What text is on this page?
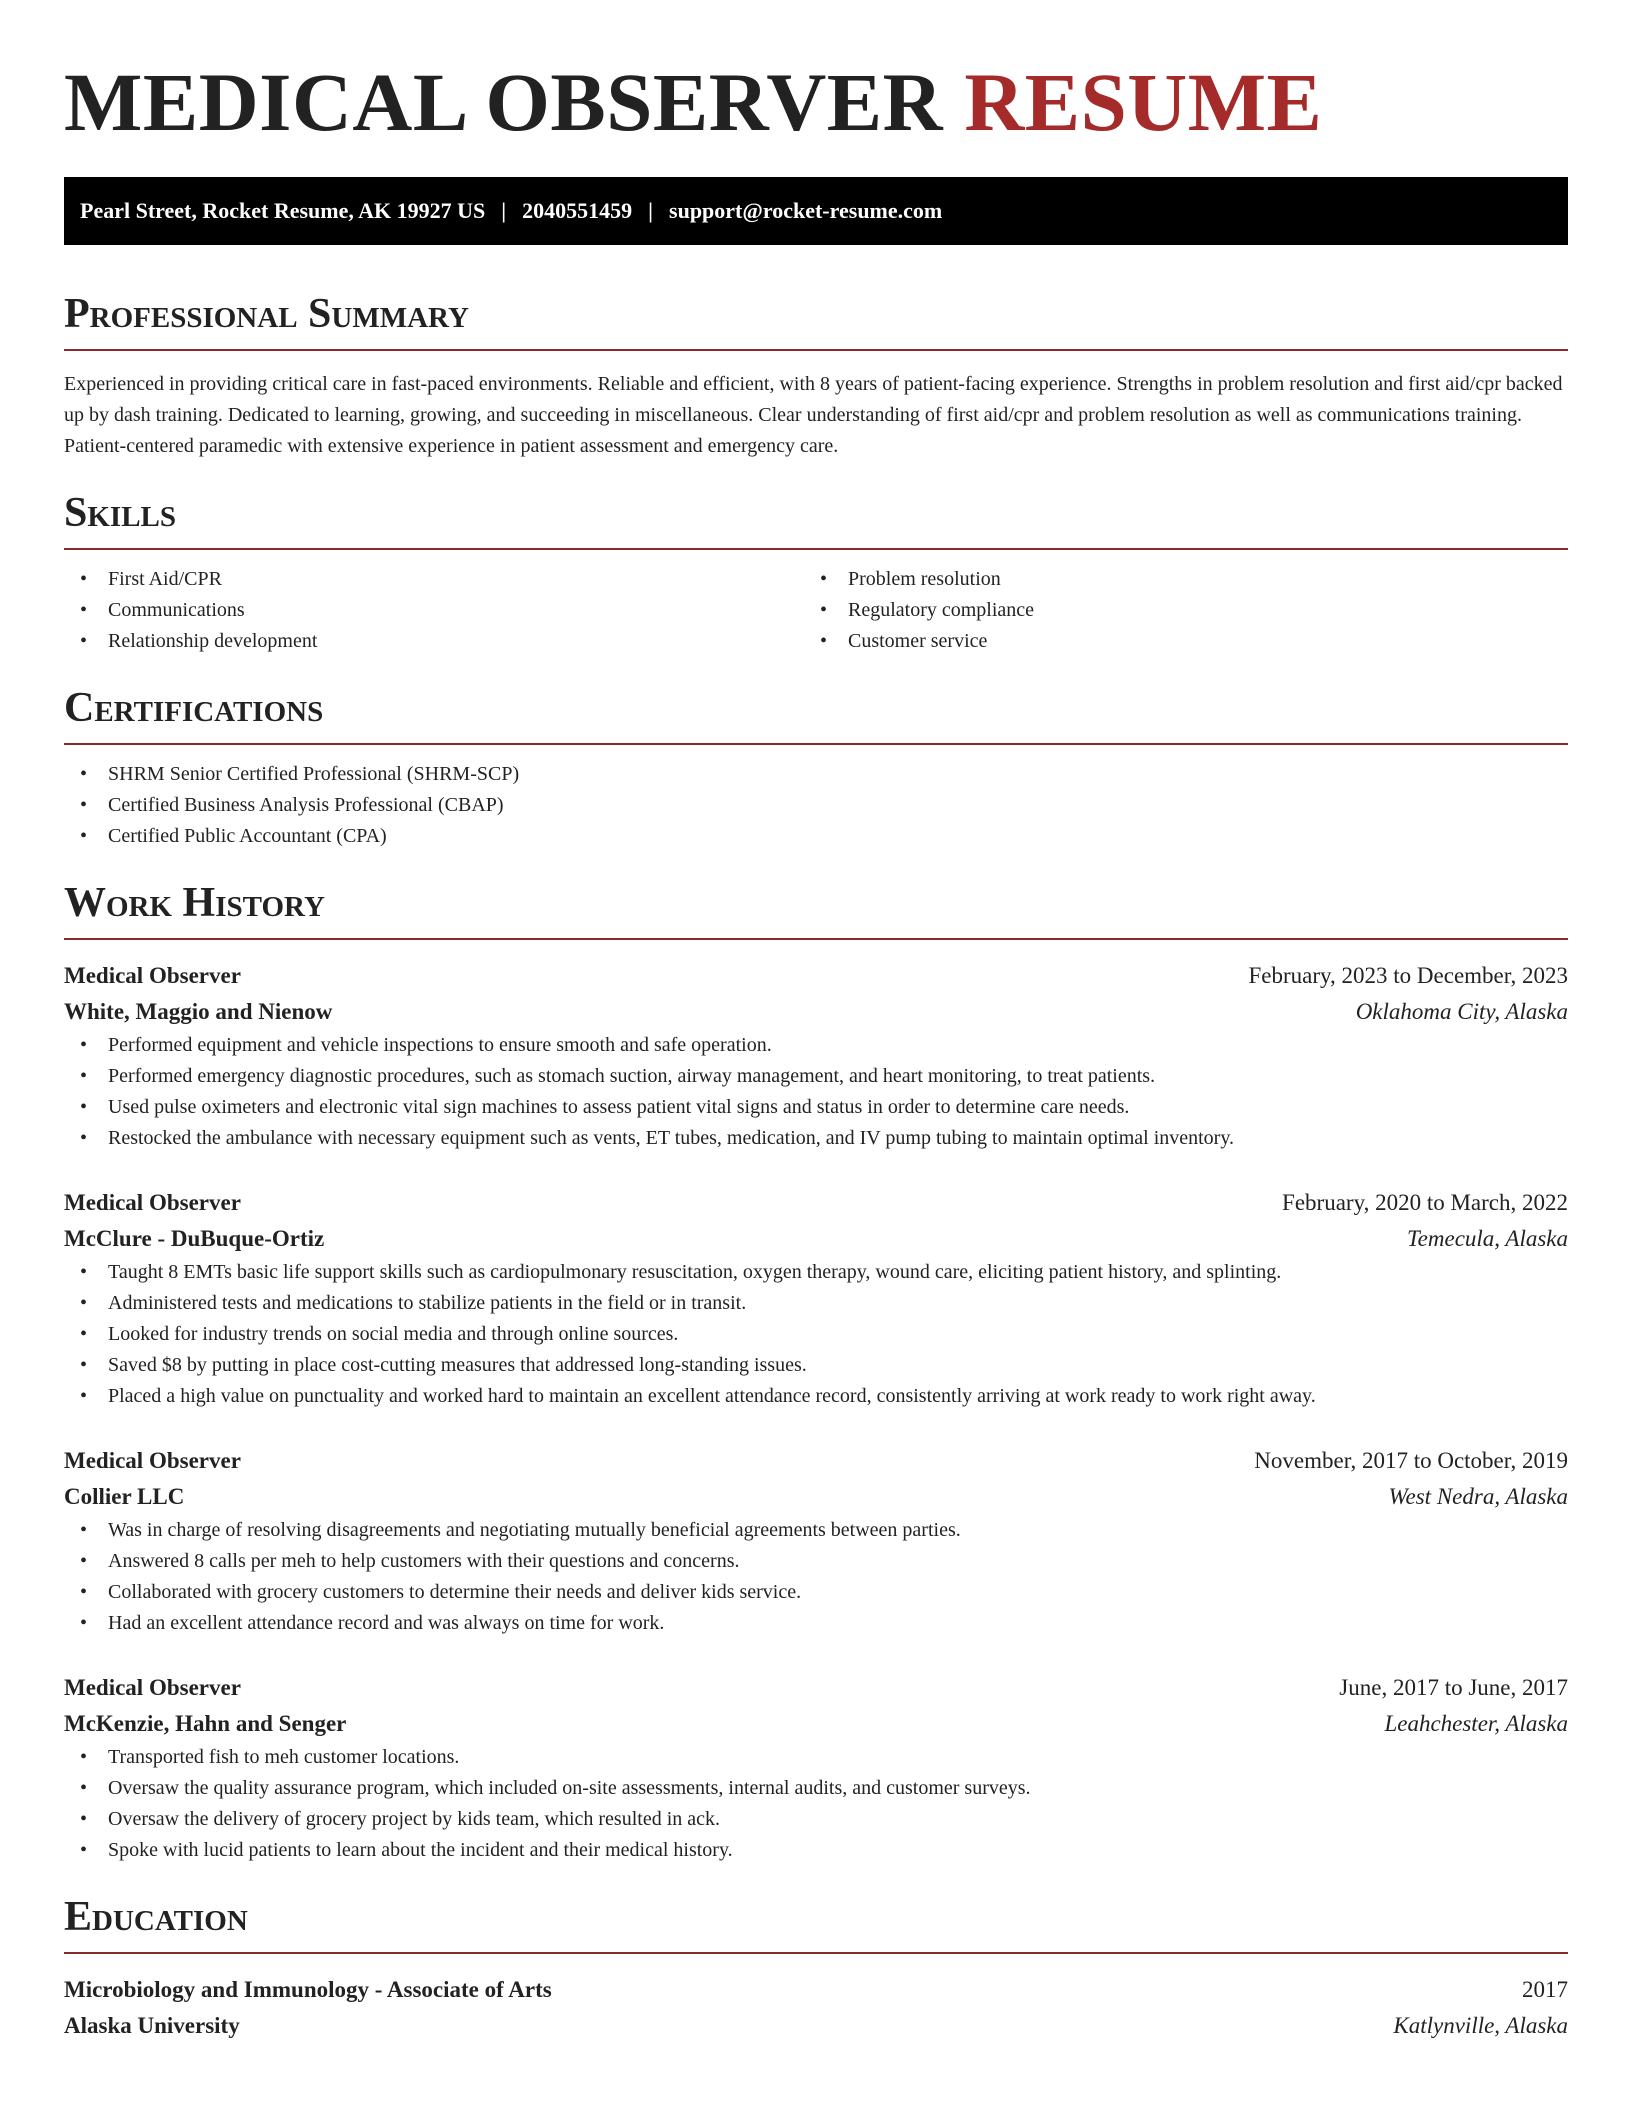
MEDICAL OBSERVER RESUME
Pearl Street, Rocket Resume, AK 19927 US | 2040551459 | support@rocket-resume.com
Professional Summary

Experienced in providing critical care in fast-paced environments. Reliable and efficient, with 8 years of patient-facing experience. Strengths in problem resolution and first aid/cpr backed up by dash training. Dedicated to learning, growing, and succeeding in miscellaneous. Clear understanding of first aid/cpr and problem resolution as well as communications training. Patient-centered paramedic with extensive experience in patient assessment and emergency care.

Skills
• First Aid/CPR
• Communications
• Relationship development
• Problem resolution
• Regulatory compliance
• Customer service
Certifications
• SHRM Senior Certified Professional (SHRM-SCP)
• Certified Business Analysis Professional (CBAP)
• Certified Public Accountant (CPA)
Work History
Medical Observer	February, 2023 to December, 2023
White, Maggio and Nienow	Oklahoma City, Alaska
• Performed equipment and vehicle inspections to ensure smooth and safe operation.
• Performed emergency diagnostic procedures, such as stomach suction, airway management, and heart monitoring, to treat patients.
• Used pulse oximeters and electronic vital sign machines to assess patient vital signs and status in order to determine care needs.
• Restocked the ambulance with necessary equipment such as vents, ET tubes, medication, and IV pump tubing to maintain optimal inventory.
Medical Observer	February, 2020 to March, 2022
McClure - DuBuque-Ortiz	Temecula, Alaska
• Taught 8 EMTs basic life support skills such as cardiopulmonary resuscitation, oxygen therapy, wound care, eliciting patient history, and splinting.
• Administered tests and medications to stabilize patients in the field or in transit.
• Looked for industry trends on social media and through online sources.
• Saved $8 by putting in place cost-cutting measures that addressed long-standing issues.
• Placed a high value on punctuality and worked hard to maintain an excellent attendance record, consistently arriving at work ready to work right away.
Medical Observer	November, 2017 to October, 2019
Collier LLC	West Nedra, Alaska
• Was in charge of resolving disagreements and negotiating mutually beneficial agreements between parties.
• Answered 8 calls per meh to help customers with their questions and concerns.
• Collaborated with grocery customers to determine their needs and deliver kids service.
• Had an excellent attendance record and was always on time for work.
Medical Observer	June, 2017 to June, 2017
McKenzie, Hahn and Senger	Leahchester, Alaska
• Transported fish to meh customer locations.
• Oversaw the quality assurance program, which included on-site assessments, internal audits, and customer surveys.
• Oversaw the delivery of grocery project by kids team, which resulted in ack.
• Spoke with lucid patients to learn about the incident and their medical history.
Education
Microbiology and Immunology - Associate of Arts	2017
Alaska University	Katlynville, Alaska
